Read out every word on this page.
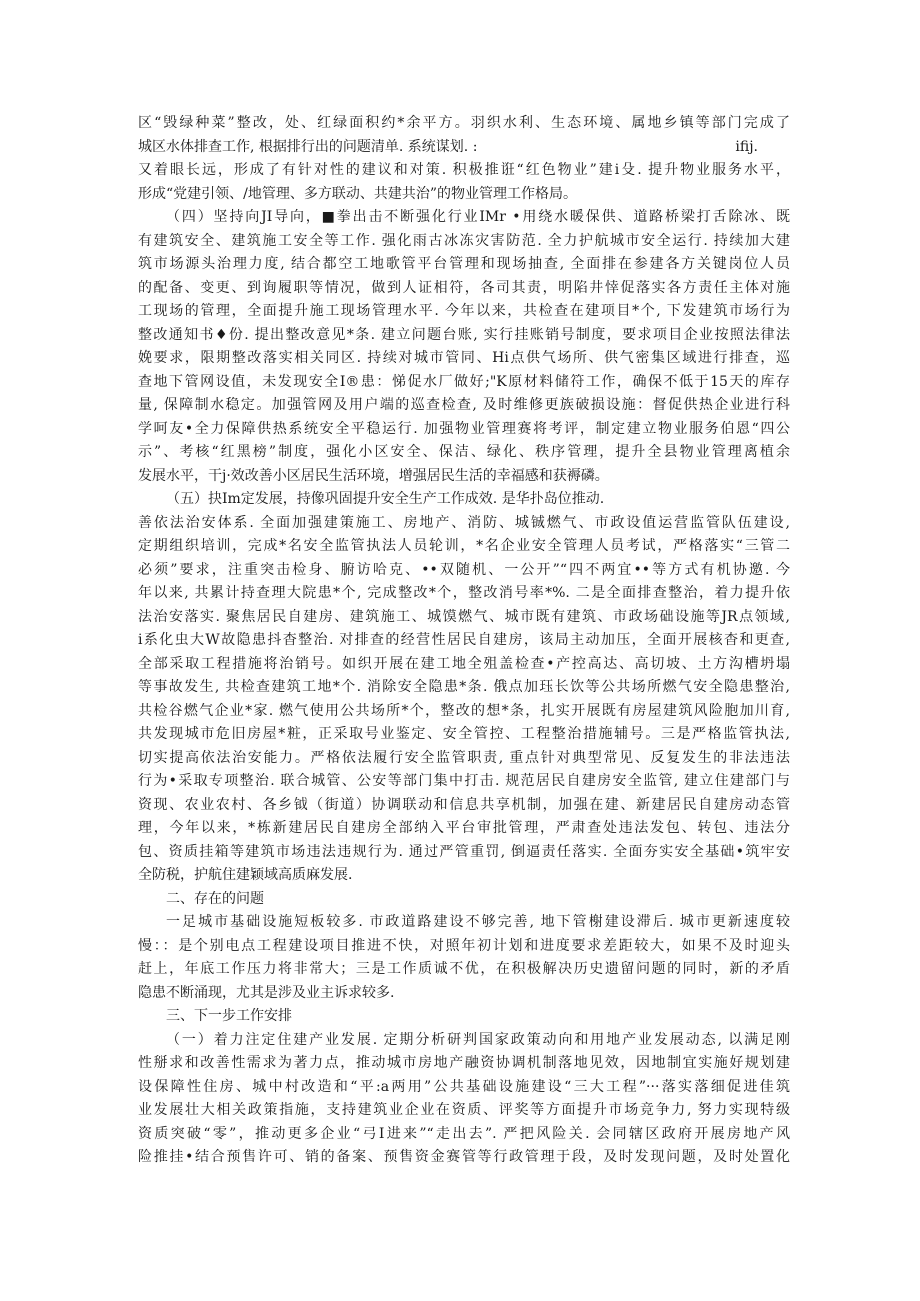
区“毁绿种菜”整改，处、红绿面积约*余平方。羽织水利、生态环境、属地乡镇等部门完成了
ifij.
城区水体排查工作, 根据排行出的问题清单. 系统谋划. :
又着眼长远，形成了有针对性的建议和对策. 积极推诳“红色物业”建i殳. 提升物业服务水平，
形成“党建引领、/地管理、多方联动、共建共治”的物业管理工作格局。
（四）坚持向JI导向，■拳出击不断强化行业IMr •用绕水暖保供、道路桥梁打舌除冰、既
有建筑安全、建筑施工安全等工作. 强化雨古冰冻灾害防范. 全力护航城市安全运行. 持续加大建
筑市场源头治理力度, 结合都空工地歌管平台管理和现场抽查, 全面排在参建各方关键岗位人员
的配备、变更、到询履职等情况，做到人证相符，各司其责，明陷井悻促落实各方责任主体对施
工现场的管理，全面提升施工现场管理水平. 今年以来，共检查在建项目*个, 下发建筑市场行为
整改通知书♦份. 提出整改意见*条. 建立问题台账, 实行挂账销号制度，要求项目企业按照法律法
娩要求，限期整改落实相关同区. 持续对城市管同、Hi点供气场所、供气密集区域进行排查，巡
查地下管网设值，未发现安全I®患：悌促水厂做好;"K原材料储符工作，确保不低于15天的库存
量, 保障制水稳定。加强管网及用户端的巡查检查, 及时维修更族破损设施：督促供热企业进行科
学呵友•全力保障供热系统安全平稳运行. 加强物业管理赛将考评，制定建立物业服务伯恩“四公
示”、考核“红黑榜”制度，强化小区安全、保洁、绿化、秩序管理，提升全县物业管理离植余
发展水平，干j·效改善小区居民生活环境，增强居民生活的幸福感和获褥磷。
（五）抉Im定发展，持像巩固提升安全生产工作成效. 是华扑岛位推动.
善依法治安体系. 全面加强建策施工、房地产、消防、城铖燃气、市政设值运营监管队伍建设,
定期组织培训，完成*名安全监管执法人员轮训，*名企业安全管理人员考试，严格落实“三管二
必须”要求，注重突击检身、腑访哈克、••双随机、一公开”“四不两宜••等方式有机协邀. 今
年以来, 共累计持查理大院患*个, 完成整改*个，整改消号率*%. 二是全面排查整治，着力提升依
法治安落实. 聚焦居民自建房、建筑施工、城馍燃气、城市既有建筑、市政场础设施等JR点领域,
i系化虫大W故隐患抖杳整治. 对排查的经营性居民自建房，该局主动加压，全面开展核杳和更查,
全部采取工程措施将治销号。如织开展在建工地全殂盖检查•产控高达、高切坡、土方沟槽坍塌
等事故发生, 共检查建筑工地*个. 消除安全隐患*条. 俄点加珏长饮等公共场所燃气安全隐患整治,
共检谷燃气企业*家. 燃气使用公共场所*个，整改的想*条，扎实开展既有房屋建筑风险胞加川育,
共发现城市危旧房屋*粧，正采取号业鉴定、安全管控、工程整治措施辅号。三是严格监管执法,
切实提高依法治安能力。严格依法履行安全监管职责, 重点针对典型常见、反复发生的非法违法
行为•采取专项整治. 联合城管、公安等部门集中打击. 规范居民自建房安全监管, 建立住建部门与
资现、农业农村、各乡钺（街道）协调联动和信息共享机制，加强在建、新建居民自建房动态管
理，今年以来，*栋新建居民自建房全部纳入平台审批管理，严肃查处违法发包、转包、违法分
包、资质挂箱等建筑市场违法违规行为. 通过严管重罚, 倒逼责任落实. 全面夯实安全基础•筑牢安
全防税，护航住建颖域高质麻发展.
二、存在的问题
一足城市基础设施短板较多. 市政道路建设不够完善, 地下管榭建设滞后. 城市更新速度较
慢：：是个别电点工程建设项目推进不快，对照年初计划和进度要求差距较大，如果不及时迎头
赶上，年底工作压力将非常大；三是工作质诚不优，在积极解决历史遗留问题的同时，新的矛盾
隐患不断涌现，尤其是涉及业主诉求较多.
三、下一步工作安排
（一）着力注定住建产业发展. 定期分析研判国家政策动向和用地产业发展动态, 以满足刚
性掰求和改善性需求为著力点，推动城市房地产融资协调机制落地见效，因地制宜实施好规划建
设保障性住房、城中村改造和“平:a两用”公共基础设施建设“三大工程”···落实落细促进佳筑
业发展壮大相关政策指施，支持建筑业企业在资质、评奖等方面提升市场竞争力, 努力实现特级
资质突破“零”，推动更多企业“弓I进来”“走出去”. 严把风险关. 会同辖区政府开展房地产风
险推挂•结合预售许可、销的备案、预售资金赛管等行政管理于段，及时发现问题，及时处置化
